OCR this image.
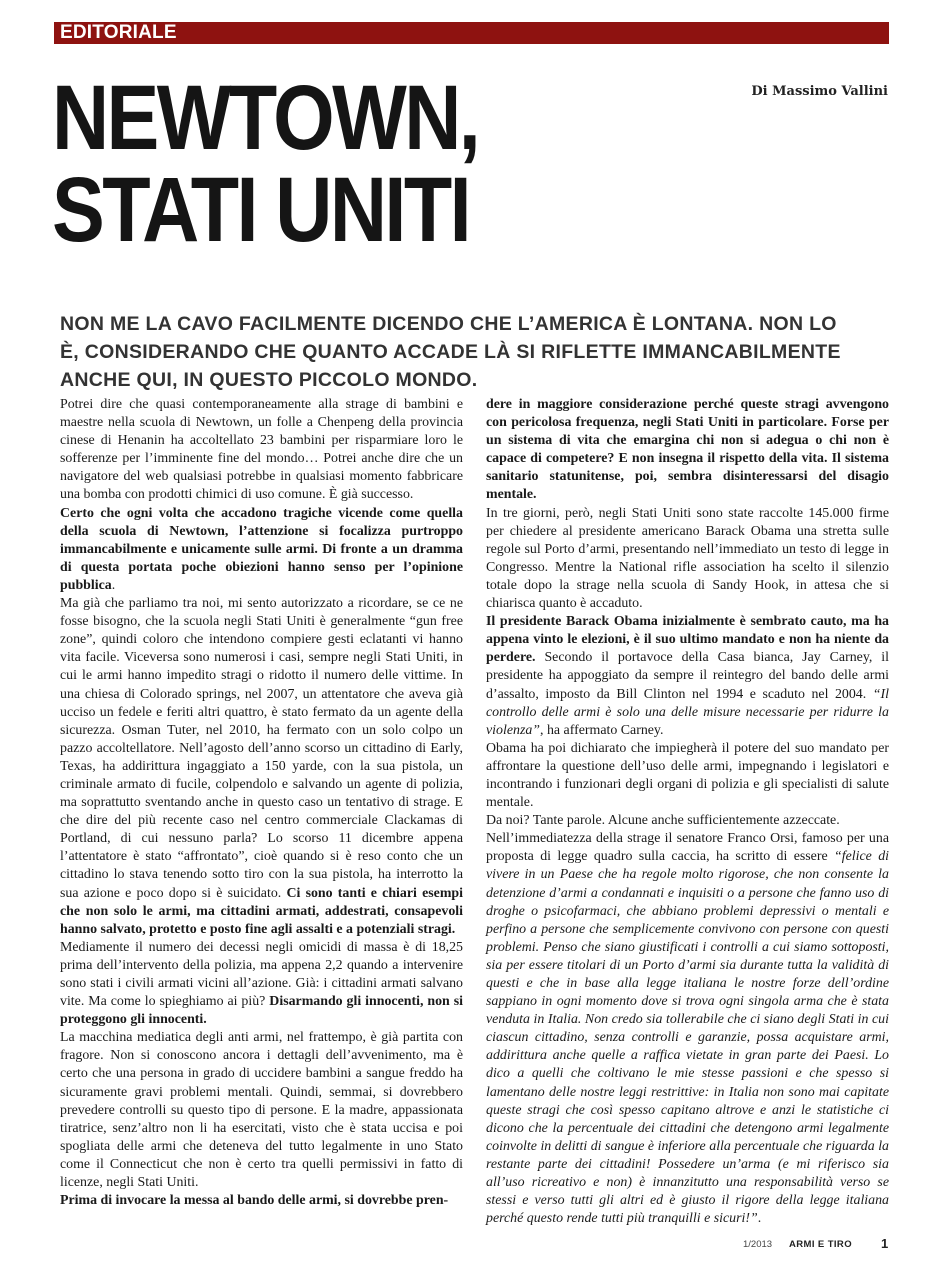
EDITORIALE
Di Massimo Vallini
NEWTOWN,
STATI UNITI

NON ME LA CAVO FACILMENTE DICENDO CHE L’AMERICA È LONTANA. NON LO È, CONSIDERANDO CHE QUANTO ACCADE LÀ SI RIFLETTE IMMANCABILMENTE ANCHE QUI, IN QUESTO PICCOLO MONDO.

Potrei dire che quasi contemporaneamente alla strage di bambini e maestre nella scuola di Newtown, un folle a Chenpeng della provincia cinese di Henanin ha accoltellato 23 bambini per risparmiare loro le sofferenze per l’imminente fine del mondo… Potrei anche dire che un navigatore del web qualsiasi potrebbe in qualsiasi momento fabbricare una bomba con prodotti chimici di uso comune. È già successo.

Certo che ogni volta che accadono tragiche vicende come quella della scuola di Newtown, l’attenzione si focalizza purtroppo immancabilmente e unicamente sulle armi. Di fronte a un dramma di questa portata poche obiezioni hanno senso per l’opinione pubblica.

Ma già che parliamo tra noi, mi sento autorizzato a ricordare, se ce ne fosse bisogno, che la scuola negli Stati Uniti è generalmente “gun free zone”, quindi coloro che intendono compiere gesti eclatanti vi hanno vita facile. Viceversa sono numerosi i casi, sempre negli Stati Uniti, in cui le armi hanno impedito stragi o ridotto il numero delle vittime. In una chiesa di Colorado springs, nel 2007, un attentatore che aveva già ucciso un fedele e feriti altri quattro, è stato fermato da un agente della sicurezza. Osman Tuter, nel 2010, ha fermato con un solo colpo un pazzo accoltellatore. Nell’agosto dell’anno scorso un cittadino di Early, Texas, ha addirittura ingaggiato a 150 yarde, con la sua pistola, un criminale armato di fucile, colpendolo e salvando un agente di polizia, ma soprattutto sventando anche in questo caso un tentativo di strage. E che dire del più recente caso nel centro commerciale Clackamas di Portland, di cui nessuno parla? Lo scorso 11 dicembre appena l’attentatore è stato “affrontato”, cioè quando si è reso conto che un cittadino lo stava tenendo sotto tiro con la sua pistola, ha interrotto la sua azione e poco dopo si è suicidato. Ci sono tanti e chiari esempi che non solo le armi, ma cittadini armati, addestrati, consapevoli hanno salvato, protetto e posto fine agli assalti e a potenziali stragi.

Mediamente il numero dei decessi negli omicidi di massa è di 18,25 prima dell’intervento della polizia, ma appena 2,2 quando a intervenire sono stati i civili armati vicini all’azione. Già: i cittadini armati salvano vite. Ma come lo spieghiamo ai più? Disarmando gli innocenti, non si proteggono gli innocenti.

La macchina mediatica degli anti armi, nel frattempo, è già partita con fragore. Non si conoscono ancora i dettagli dell’avvenimento, ma è certo che una persona in grado di uccidere bambini a sangue freddo ha sicuramente gravi problemi mentali. Quindi, semmai, si dovrebbero prevedere controlli su questo tipo di persone. E la madre, appassionata tiratrice, senz’altro non li ha esercitati, visto che è stata uccisa e poi spogliata delle armi che deteneva del tutto legalmente in uno Stato come il Connecticut che non è certo tra quelli permissivi in fatto di licenze, negli Stati Uniti.

Prima di invocare la messa al bando delle armi, si dovrebbe pren-

dere in maggiore considerazione perché queste stragi avvengono con pericolosa frequenza, negli Stati Uniti in particolare. Forse per un sistema di vita che emargina chi non si adegua o chi non è capace di competere? E non insegna il rispetto della vita. Il sistema sanitario statunitense, poi, sembra disinteressarsi del disagio mentale.

In tre giorni, però, negli Stati Uniti sono state raccolte 145.000 firme per chiedere al presidente americano Barack Obama una stretta sulle regole sul Porto d’armi, presentando nell’immediato un testo di legge in Congresso. Mentre la National rifle association ha scelto il silenzio totale dopo la strage nella scuola di Sandy Hook, in attesa che si chiarisca quanto è accaduto.

Il presidente Barack Obama inizialmente è sembrato cauto, ma ha appena vinto le elezioni, è il suo ultimo mandato e non ha niente da perdere. Secondo il portavoce della Casa bianca, Jay Carney, il presidente ha appoggiato da sempre il reintegro del bando delle armi d’assalto, imposto da Bill Clinton nel 1994 e scaduto nel 2004. “Il controllo delle armi è solo una delle misure necessarie per ridurre la violenza”, ha affermato Carney.

Obama ha poi dichiarato che impiegherà il potere del suo mandato per affrontare la questione dell’uso delle armi, impegnando i legislatori e incontrando i funzionari degli organi di polizia e gli specialisti di salute mentale.

Da noi? Tante parole. Alcune anche sufficientemente azzeccate.

Nell’immediatezza della strage il senatore Franco Orsi, famoso per una proposta di legge quadro sulla caccia, ha scritto di essere “felice di vivere in un Paese che ha regole molto rigorose, che non consente la detenzione d’armi a condannati e inquisiti o a persone che fanno uso di droghe o psicofarmaci, che abbiano problemi depressivi o mentali e perfino a persone che semplicemente convivono con persone con questi problemi. Penso che siano giustificati i controlli a cui siamo sottoposti, sia per essere titolari di un Porto d’armi sia durante tutta la validità di questi e che in base alla legge italiana le nostre forze dell’ordine sappiano in ogni momento dove si trova ogni singola arma che è stata venduta in Italia. Non credo sia tollerabile che ci siano degli Stati in cui ciascun cittadino, senza controlli e garanzie, possa acquistare armi, addirittura anche quelle a raffica vietate in gran parte dei Paesi. Lo dico a quelli che coltivano le mie stesse passioni e che spesso si lamentano delle nostre leggi restrittive: in Italia non sono mai capitate queste stragi che così spesso capitano altrove e anzi le statistiche ci dicono che la percentuale dei cittadini che detengono armi legalmente coinvolte in delitti di sangue è inferiore alla percentuale che riguarda la restante parte dei cittadini! Possedere un’arma (e mi riferisco sia all’uso ricreativo e non) è innanzitutto una responsabilità verso se stessi e verso tutti gli altri ed è giusto il rigore della legge italiana perché questo rende tutti più tranquilli e sicuri!”.

1/2013 ARMI E TIRO 1
